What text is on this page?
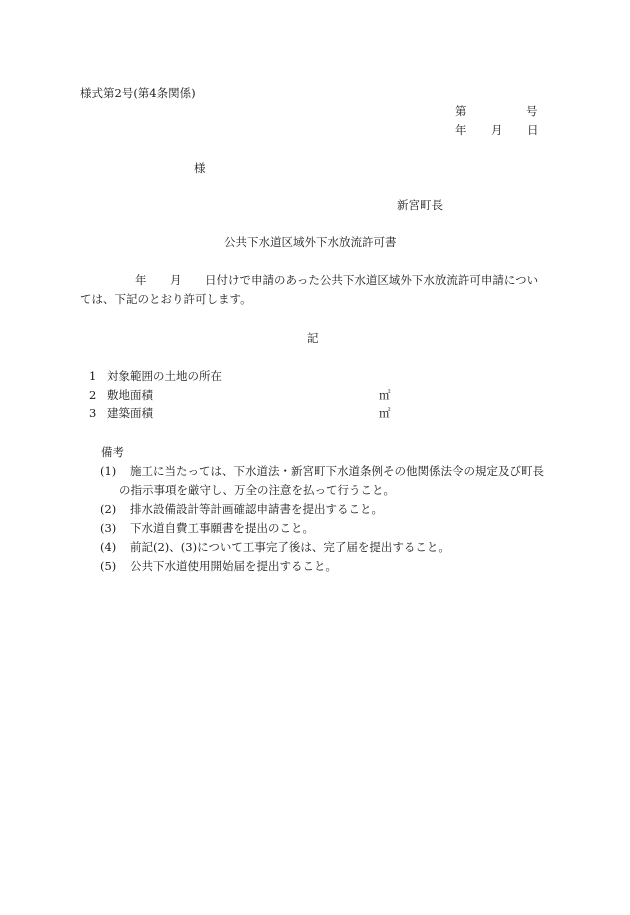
様式第2号(第4条関係)
第	号
年 月 日
様
新宮町長
公共下水道区域外下水放流許可書
年 月 日付けで申請のあった公共下水道区域外下水放流許可申請につい
ては、下記のとおり許可します。
記
1 対象範囲の土地の所在
2 敷地面積	㎡
3 建築面積	㎡
備考
(1) 施工に当たっては、下水道法・新宮町下水道条例その他関係法令の規定及び町長
の指示事項を厳守し、万全の注意を払って行うこと。
(2) 排水設備設計等計画確認申請書を提出すること。
(3) 下水道自費工事願書を提出のこと。
(4) 前記(2)、(3)について工事完了後は、完了届を提出すること。
(5) 公共下水道使用開始届を提出すること。
